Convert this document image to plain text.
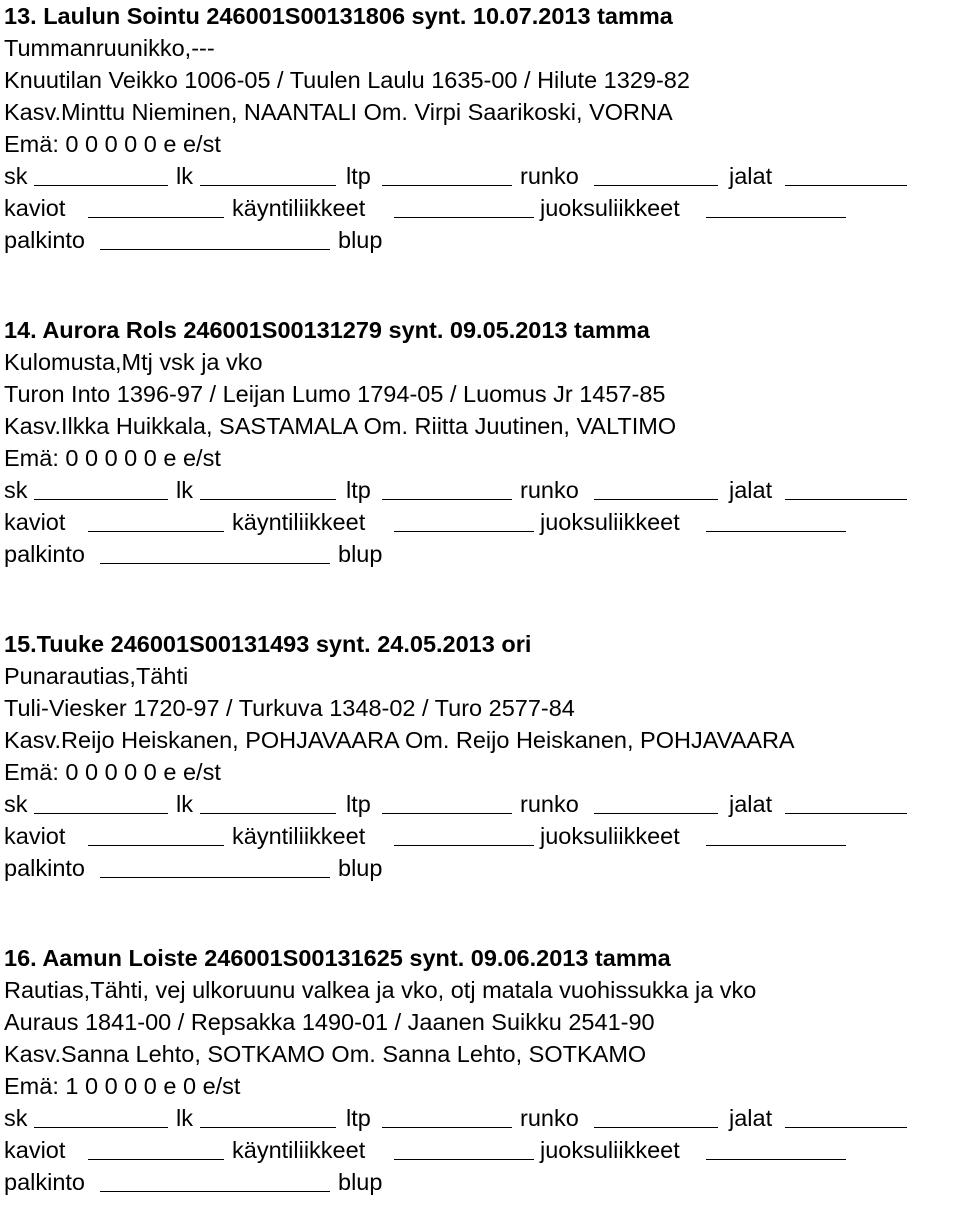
13. Laulun Sointu 246001S00131806 synt. 10.07.2013 tamma
Tummanruunikko,---
Knuutilan Veikko 1006-05 / Tuulen Laulu 1635-00 / Hilute 1329-82
Kasv.Minttu Nieminen, NAANTALI Om. Virpi Saarikoski, VORNA
Emä: 0 0 0 0 0 e e/st
sk	lk	ltp	runko	jalat
kaviot	käyntiliikkeet	juoksuliikkeet
palkinto	blup
14. Aurora Rols 246001S00131279 synt. 09.05.2013 tamma
Kulomusta,Mtj vsk ja vko
Turon Into 1396-97 / Leijan Lumo 1794-05 / Luomus Jr 1457-85
Kasv.Ilkka Huikkala, SASTAMALA Om. Riitta Juutinen, VALTIMO
Emä: 0 0 0 0 0 e e/st
sk	lk	ltp	runko	jalat
kaviot	käyntiliikkeet	juoksuliikkeet
palkinto	blup
15.Tuuke 246001S00131493 synt. 24.05.2013 ori
Punarautias,Tähti
Tuli-Viesker 1720-97 / Turkuva 1348-02 / Turo 2577-84
Kasv.Reijo Heiskanen, POHJAVAARA Om. Reijo Heiskanen, POHJAVAARA
Emä: 0 0 0 0 0 e e/st
sk	lk	ltp	runko	jalat
kaviot	käyntiliikkeet	juoksuliikkeet
palkinto	blup
16. Aamun Loiste 246001S00131625 synt. 09.06.2013 tamma
Rautias,Tähti, vej ulkoruunu valkea ja vko, otj matala vuohissukka ja vko
Auraus 1841-00 / Repsakka 1490-01 / Jaanen Suikku 2541-90
Kasv.Sanna Lehto, SOTKAMO Om. Sanna Lehto, SOTKAMO
Emä: 1 0 0 0 0 e 0 e/st
sk	lk	ltp	runko	jalat
kaviot	käyntiliikkeet	juoksuliikkeet
palkinto	blup
